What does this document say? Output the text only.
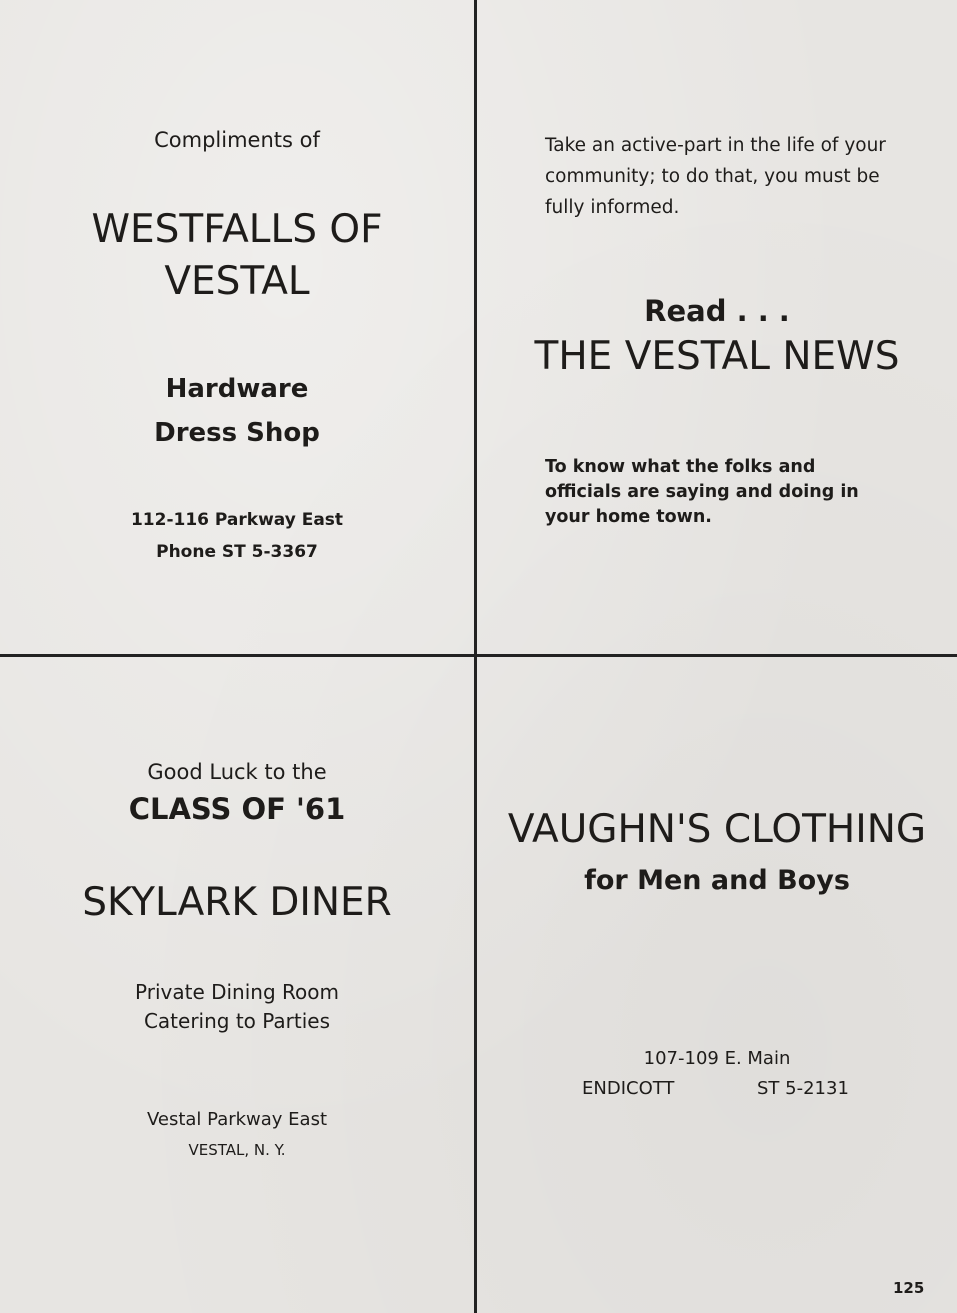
Compliments of
WESTFALLS OF
VESTAL
Hardware
Dress Shop
112-116 Parkway East
Phone ST 5-3367
Take an active-part in the life of your community; to do that, you must be fully informed.
Read . . .
THE VESTAL NEWS
To know what the folks and officials are saying and doing in your home town.
Good Luck to the
CLASS OF '61
SKYLARK DINER
Private Dining Room
Catering to Parties
Vestal Parkway East
VESTAL, N. Y.
VAUGHN'S CLOTHING
for Men and Boys
107-109 E. Main
ENDICOTT	ST 5-2131
125
